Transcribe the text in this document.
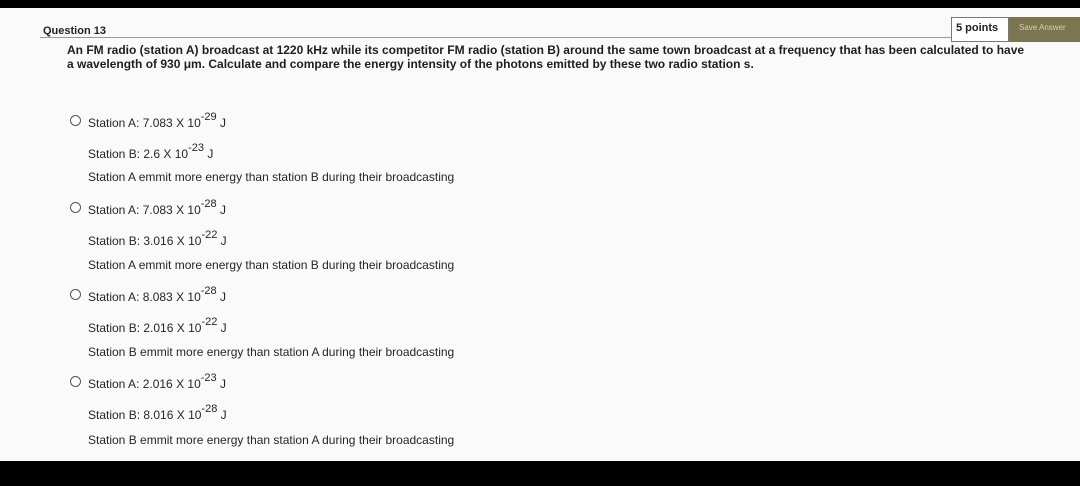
Question 13	5 points	Save Answer
An FM radio (station A) broadcast at 1220 kHz while its competitor FM radio (station B) around the same town broadcast at a frequency that has been calculated to have a wavelength of 930 μm. Calculate and compare the energy intensity of the photons emitted by these two radio station s.
Station A: 7.083 X 10-29 J
Station B: 2.6 X 10-23 J
Station A emmit more energy than station B during their broadcasting
Station A: 7.083 X 10-28 J
Station B: 3.016 X 10-22 J
Station A emmit more energy than station B during their broadcasting
Station A: 8.083 X 10-28 J
Station B: 2.016 X 10-22 J
Station B emmit more energy than station A during their broadcasting
Station A: 2.016 X 10-23 J
Station B: 8.016 X 10-28 J
Station B emmit more energy than station A during their broadcasting
